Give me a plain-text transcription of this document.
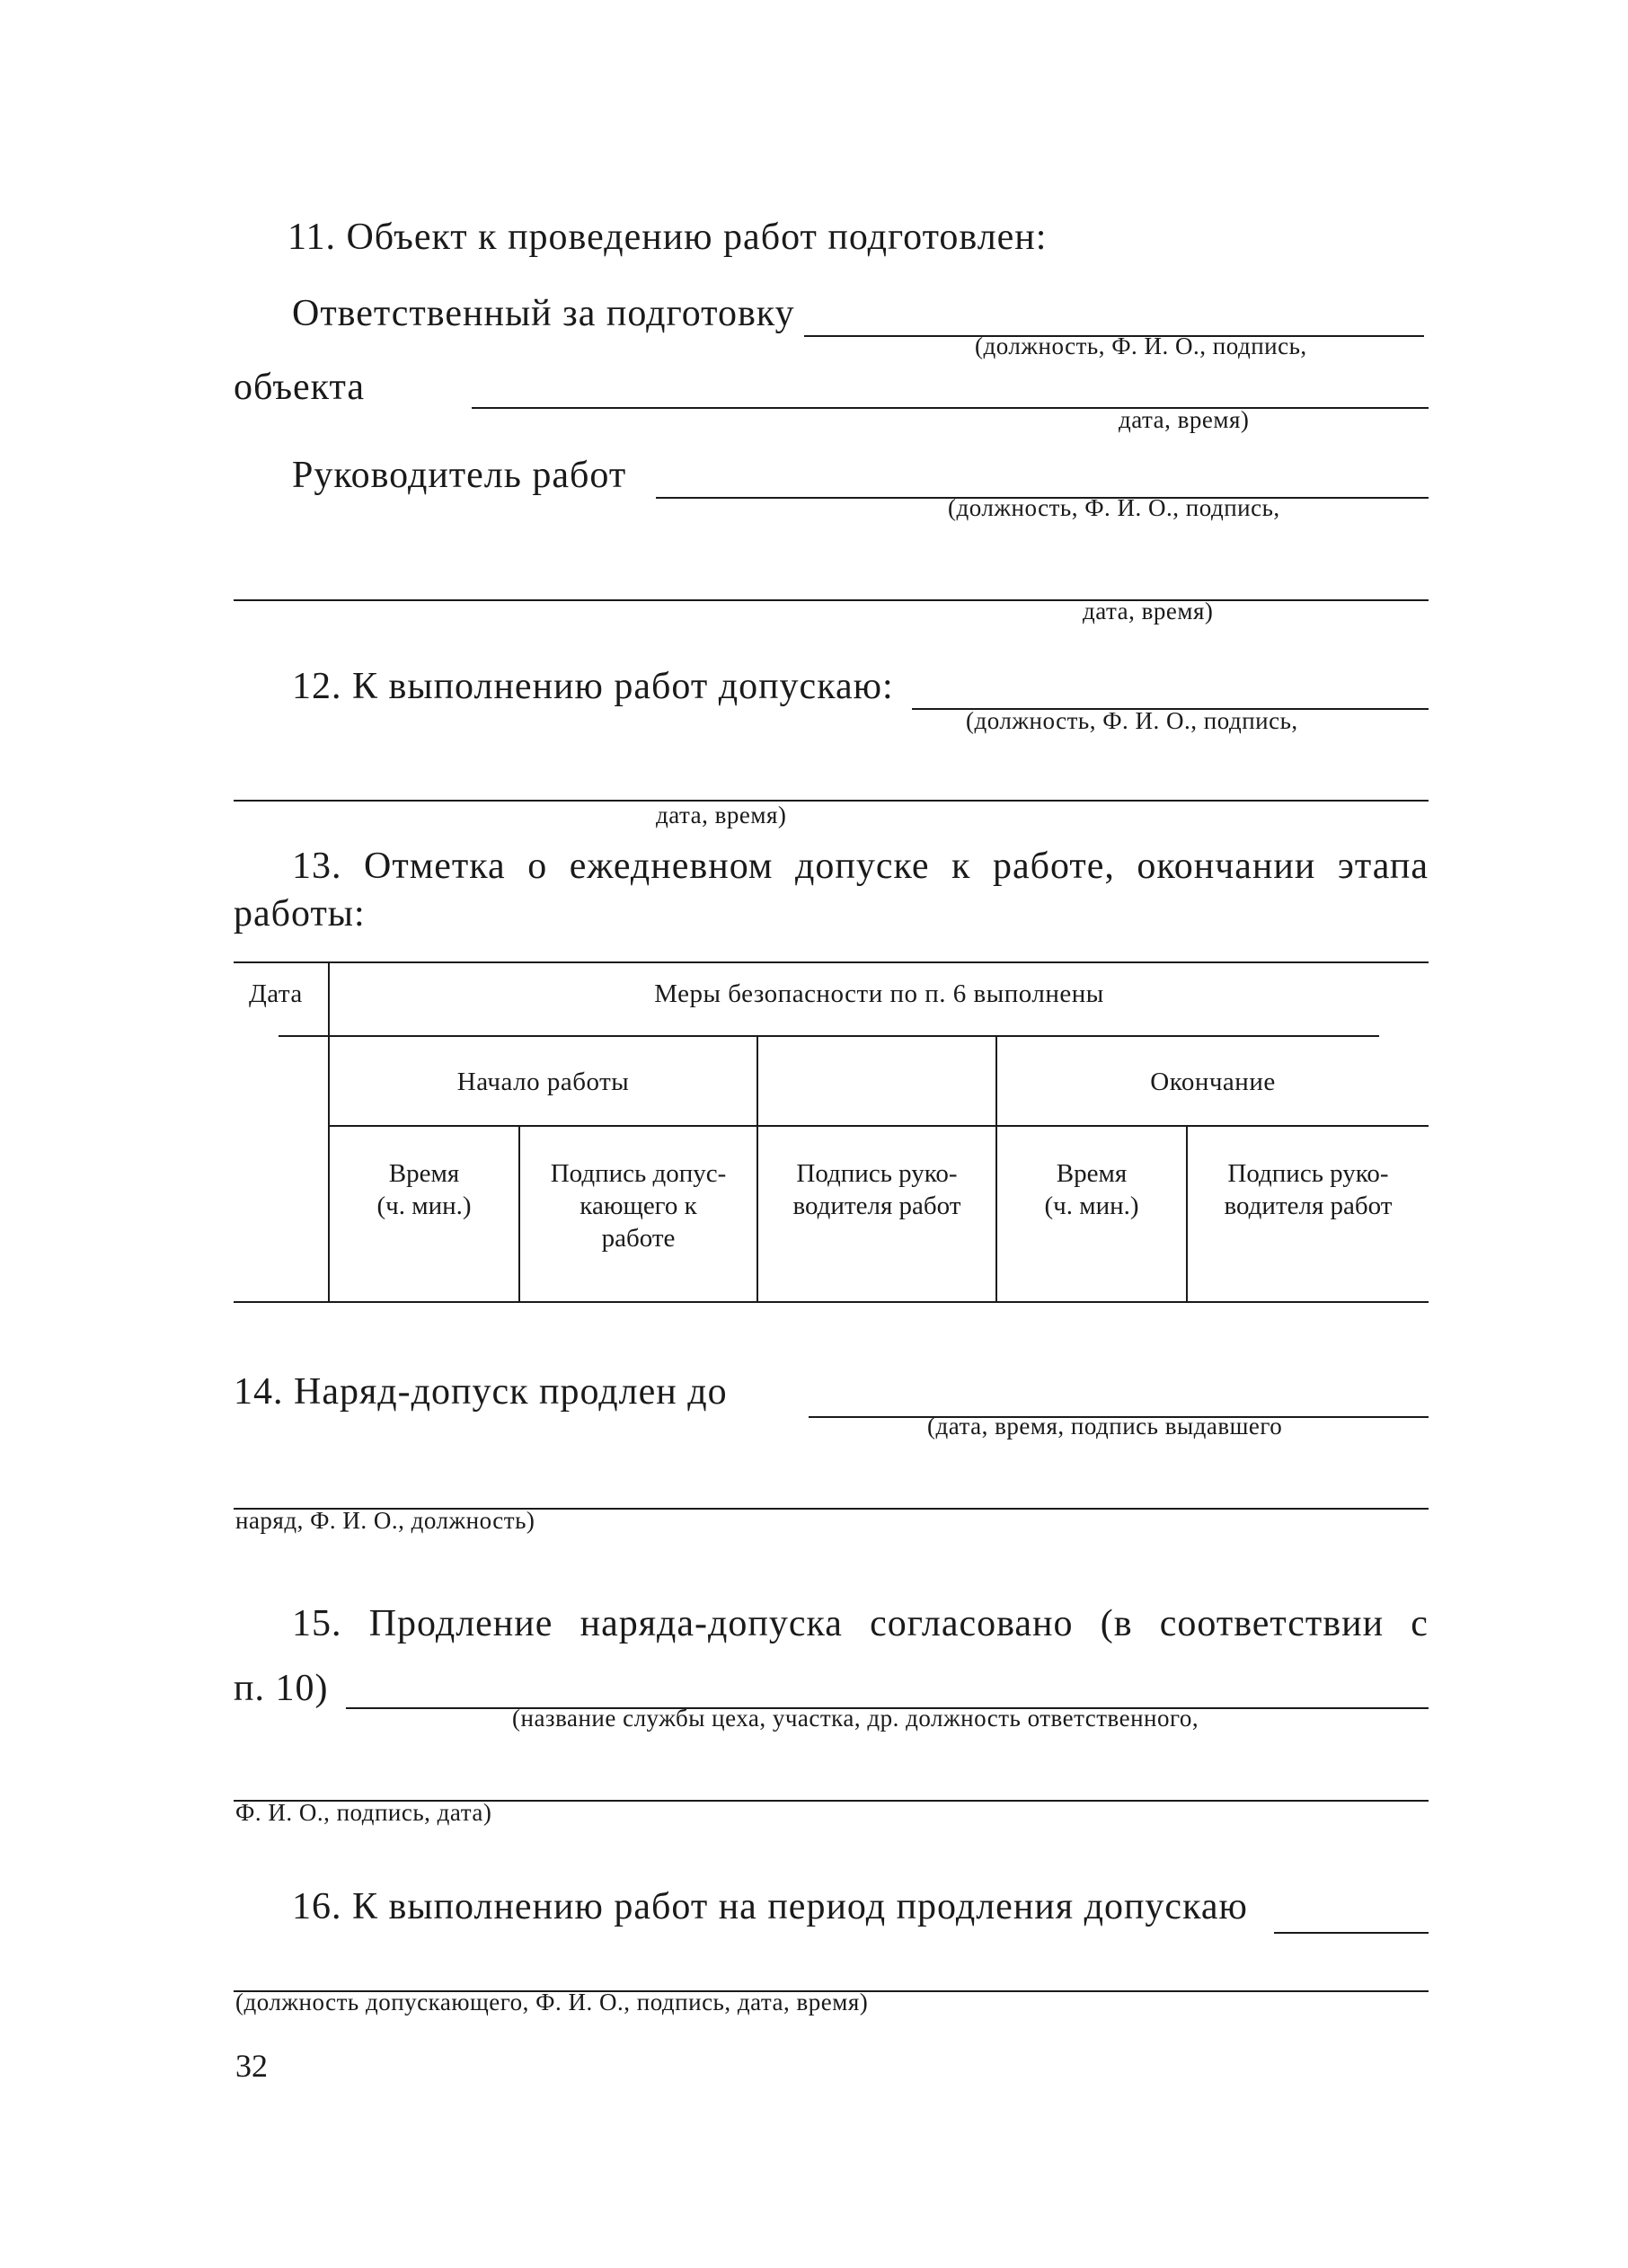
11. Объект к проведению работ подготовлен:
Ответственный за подготовку
(должность, Ф. И. О., подпись,
объекта
дата, время)
Руководитель работ
(должность, Ф. И. О., подпись,
дата, время)
12. К выполнению работ допускаю:
(должность, Ф. И. О., подпись,
дата, время)
13. Отметка о ежедневном допуске к работе, окончании этапа
работы:
Дата	Меры безопасности по п. 6 выполнены
Начало работы	Окончание
Время
(ч. мин.)
Подпись допус-
кающего к
работе
Подпись руко-
водителя работ
Время
(ч. мин.)
Подпись руко-
водителя работ
14. Наряд-допуск продлен до
(дата, время, подпись выдавшего
наряд, Ф. И. О., должность)
15. Продление наряда-допуска согласовано (в соответствии с
п. 10)
(название службы цеха, участка, др. должность ответственного,
Ф. И. О., подпись, дата)
16. К выполнению работ на период продления допускаю
(должность допускающего, Ф. И. О., подпись, дата, время)
32
